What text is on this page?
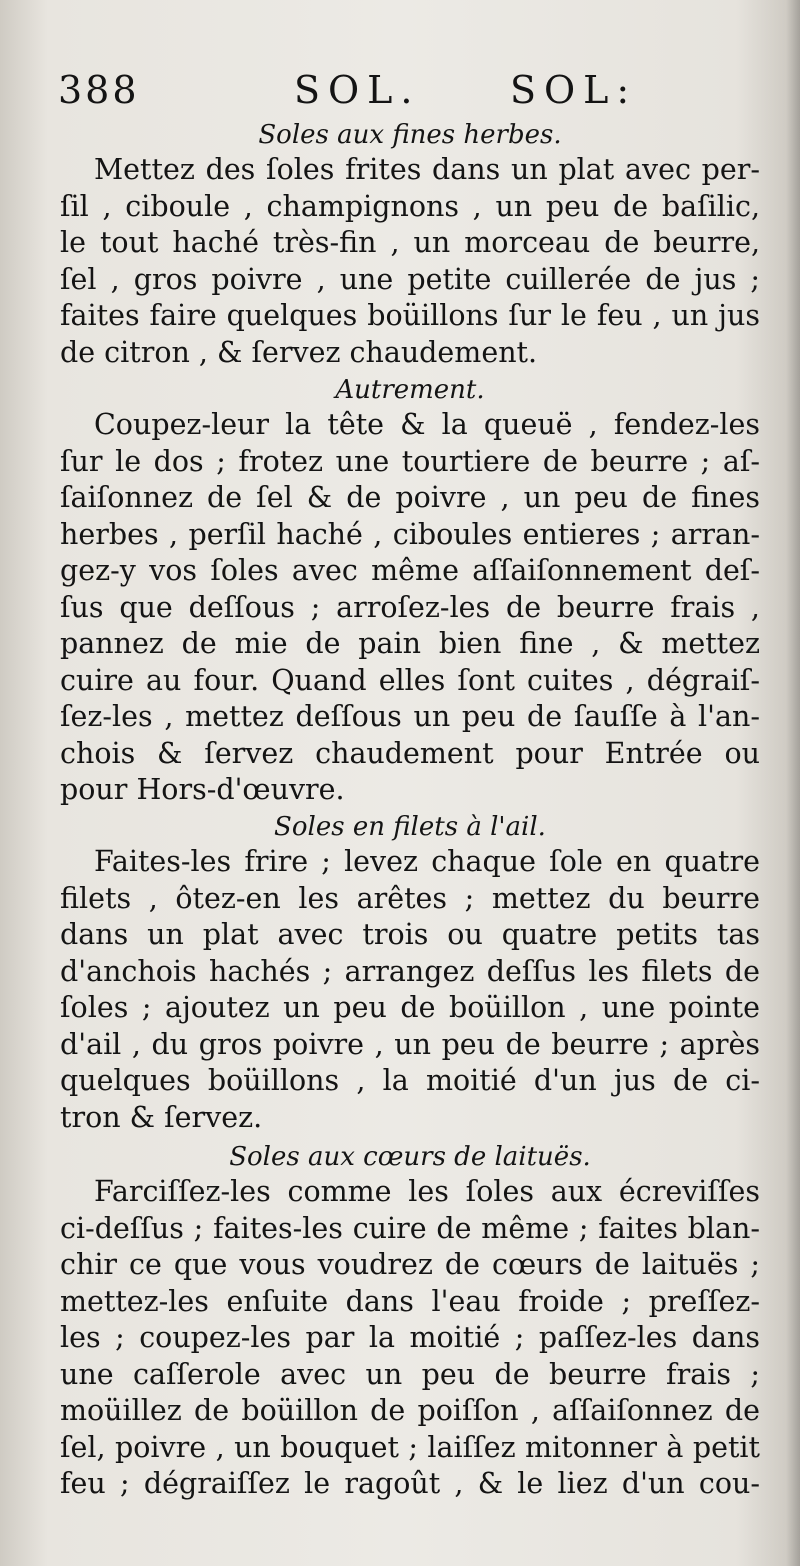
388	SOL. SOL:
Soles aux fines herbes.
Mettez des ſoles frites dans un plat avec per-
ſil , ciboule , champignons , un peu de baſilic,
le tout haché très-fin , un morceau de beurre,
ſel , gros poivre , une petite cuillerée de jus ;
faites faire quelques boüillons ſur le feu , un jus
de citron , & ſervez chaudement.
Autrement.
Coupez-leur la tête & la queuë , fendez-les
ſur le dos ; frotez une tourtiere de beurre ; aſ-
ſaiſonnez de ſel & de poivre , un peu de fines
herbes , perſil haché , ciboules entieres ; arran-
gez-y vos ſoles avec même aſſaiſonnement deſ-
ſus que deſſous ; arroſez-les de beurre frais ,
pannez de mie de pain bien fine , & mettez
cuire au four. Quand elles ſont cuites , dégraiſ-
ſez-les , mettez deſſous un peu de ſauſſe à l'an-
chois & ſervez chaudement pour Entrée ou
pour Hors-d'œuvre.
Soles en filets à l'ail.
Faites-les frire ; levez chaque ſole en quatre
filets , ôtez-en les arêtes ; mettez du beurre
dans un plat avec trois ou quatre petits tas
d'anchois hachés ; arrangez deſſus les filets de
ſoles ; ajoutez un peu de boüillon , une pointe
d'ail , du gros poivre , un peu de beurre ; après
quelques boüillons , la moitié d'un jus de ci-
tron & ſervez.
Soles aux cœurs de laituës.
Farciſſez-les comme les ſoles aux écreviſſes
ci-deſſus ; faites-les cuire de même ; faites blan-
chir ce que vous voudrez de cœurs de laituës ;
mettez-les enſuite dans l'eau froide ; preſſez-
les ; coupez-les par la moitié ; paſſez-les dans
une caſſerole avec un peu de beurre frais ;
moüillez de boüillon de poiſſon , aſſaiſonnez de
ſel, poivre , un bouquet ; laiſſez mitonner à petit
feu ; dégraiſſez le ragoût , & le liez d'un cou-
